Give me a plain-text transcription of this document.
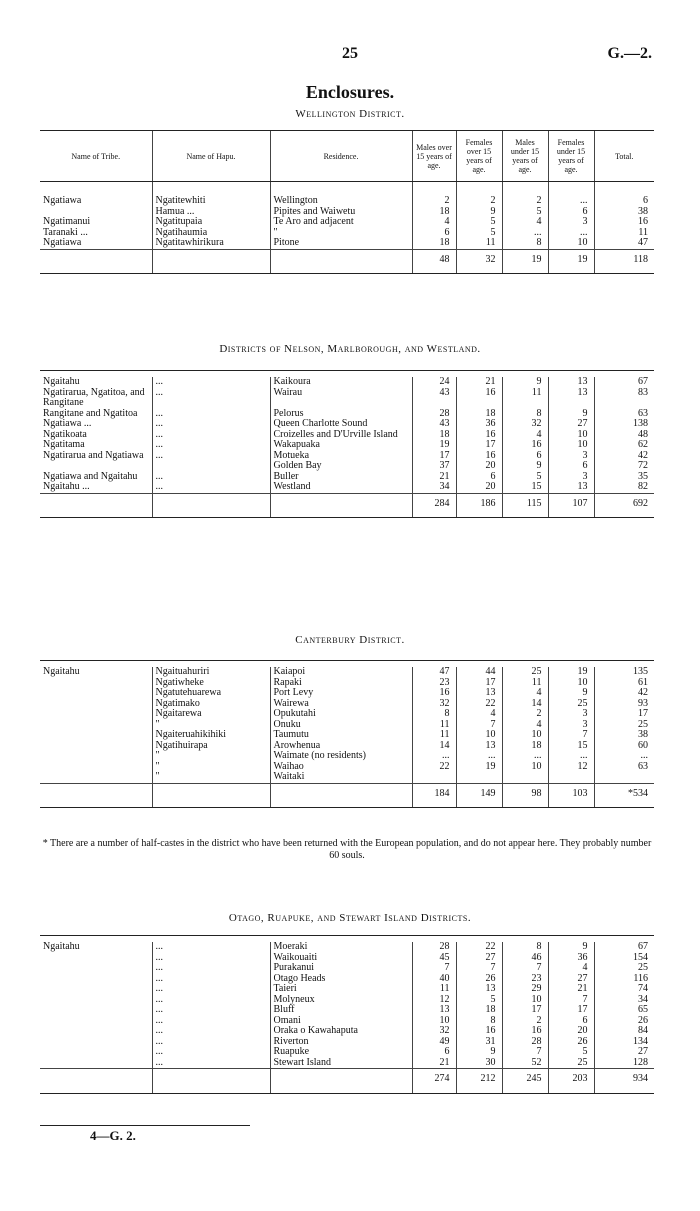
25	G.—2.
Enclosures.
Wellington District.
Name of Tribe.	Name of Hapu.	Residence.	Males over 15 years of age.	Females over 15 years of age.	Males under 15 years of age.	Females under 15 years of age.	Total.

Ngatiawa	Ngatitewhiti	Wellington	2	2	2	...	6
	Hamua ...	Pipites and Waiwetu	18	9	5	6	38
Ngatimanui	Ngatitupaia	Te Aro and adjacent	4	5	4	3	16
Taranaki ...	Ngatihaumia	"	6	5	...	...	11
Ngatiawa	Ngatitawhirikura	Pitone	18	11	8	10	47
			48	32	19	19	118
Districts of Nelson, Marlborough, and Westland.

Ngaitahu	...	Kaikoura	24	21	9	13	67
Ngatirarua, Ngatitoa, and Rangitane	...	Wairau	43	16	11	13	83
Rangitane and Ngatitoa	...	Pelorus	28	18	8	9	63
Ngatiawa ...	...	Queen Charlotte Sound	43	36	32	27	138
Ngatikoata	...	Croizelles and D'Urville Island	18	16	4	10	48
Ngatitama	...	Wakapuaka	19	17	16	10	62
Ngatirarua and Ngatiawa	...	Motueka	17	16	6	3	42
		Golden Bay	37	20	9	6	72
Ngatiawa and Ngaitahu	...	Buller	21	6	5	3	35
Ngaitahu ...	...	Westland	34	20	15	13	82
			284	186	115	107	692
Canterbury District.

Ngaitahu	Ngaituahuriri	Kaiapoi	47	44	25	19	135
	Ngatiwheke	Rapaki	23	17	11	10	61
	Ngatutehuarewa	Port Levy	16	13	4	9	42
	Ngatimako	Wairewa	32	22	14	25	93
	Ngaitarewa	Opukutahi	8	4	2	3	17
	"	Onuku	11	7	4	3	25
	Ngaiteruahikihiki	Taumutu	11	10	10	7	38
	Ngatihuirapa	Arowhenua	14	13	18	15	60
	"	Waimate (no residents)	...	...	...	...	...
	"	Waihao	22	19	10	12	63
	"	Waitaki					
			184	149	98	103	*534
* There are a number of half-castes in the district who have been returned with the European population, and do not appear here. They probably number 60 souls.
Otago, Ruapuke, and Stewart Island Districts.

Ngaitahu	...	Moeraki	28	22	8	9	67
	...	Waikouaiti	45	27	46	36	154
	...	Purakanui	7	7	7	4	25
	...	Otago Heads	40	26	23	27	116
	...	Taieri	11	13	29	21	74
	...	Molyneux	12	5	10	7	34
	...	Bluff	13	18	17	17	65
	...	Omani	10	8	2	6	26
	...	Oraka o Kawahaputa	32	16	16	20	84
	...	Riverton	49	31	28	26	134
	...	Ruapuke	6	9	7	5	27
	...	Stewart Island	21	30	52	25	128
			274	212	245	203	934
4—G. 2.
